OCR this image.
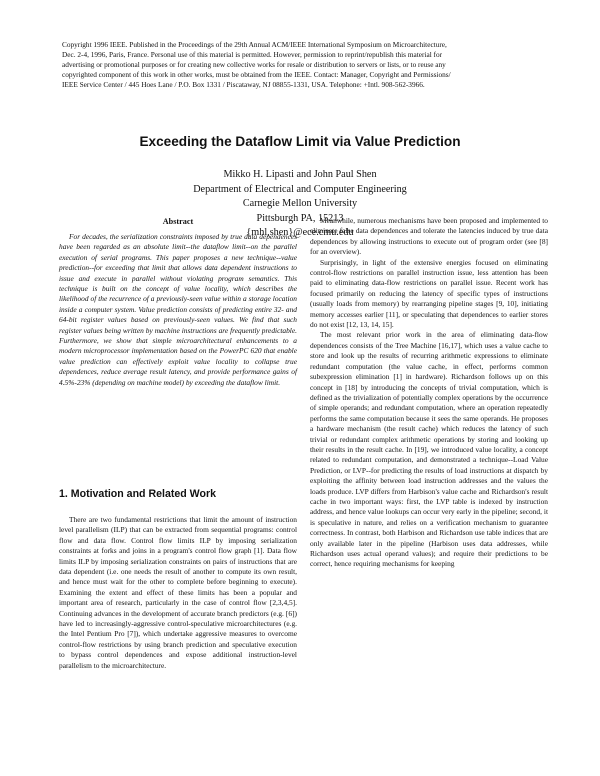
Copyright 1996 IEEE. Published in the Proceedings of the 29th Annual ACM/IEEE International Symposium on Microarchitecture,
Dec. 2-4, 1996, Paris, France. Personal use of this material is permitted. However, permission to reprint/republish this material for
advertising or promotional purposes or for creating new collective works for resale or distribution to servers or lists, or to reuse any
copyrighted component of this work in other works, must be obtained from the IEEE. Contact: Manager, Copyright and Permissions/
IEEE Service Center / 445 Hoes Lane / P.O. Box 1331 / Piscataway, NJ 08855-1331, USA. Telephone: +Intl. 908-562-3966.
Exceeding the Dataflow Limit via Value Prediction
Mikko H. Lipasti and John Paul Shen
Department of Electrical and Computer Engineering
Carnegie Mellon University
Pittsburgh PA, 15213
{mhl,shen}@ece.cmu.edu
Abstract

For decades, the serialization constraints imposed by true data dependences have been regarded as an absolute limit--the dataflow limit--on the parallel execution of serial programs. This paper proposes a new technique--value prediction--for exceeding that limit that allows data dependent instructions to issue and execute in parallel without violating program semantics. This technique is built on the concept of value locality, which describes the likelihood of the recurrence of a previously-seen value within a storage location inside a computer system. Value prediction consists of predicting entire 32- and 64-bit register values based on previously-seen values. We find that such register values being written by machine instructions are frequently predictable. Furthermore, we show that simple microarchitectural enhancements to a modern microprocessor implementation based on the PowerPC 620 that enable value prediction can effectively exploit value locality to collapse true dependences, reduce average result latency, and provide performance gains of 4.5%-23% (depending on machine model) by exceeding the dataflow limit.

1. Motivation and Related Work

There are two fundamental restrictions that limit the amount of instruction level parallelism (ILP) that can be extracted from sequential programs: control flow and data flow. Control flow limits ILP by imposing serialization constraints at forks and joins in a program's control flow graph [1]. Data flow limits ILP by imposing serialization constraints on pairs of instructions that are data dependent (i.e. one needs the result of another to compute its own result, and hence must wait for the other to complete before beginning to execute). Examining the extent and effect of these limits has been a popular and important area of research, particularly in the case of control flow [2,3,4,5]. Continuing advances in the development of accurate branch predictors (e.g. [6]) have led to increasingly-aggressive control-speculative microarchitectures (e.g. the Intel Pentium Pro [7]), which undertake aggressive measures to overcome control-flow restrictions by using branch prediction and speculative execution to bypass control dependences and expose additional instruction-level parallelism to the microarchitecture.

Meanwhile, numerous mechanisms have been proposed and implemented to eliminate false data dependences and tolerate the latencies induced by true data dependences by allowing instructions to execute out of program order (see [8] for an overview).

Surprisingly, in light of the extensive energies focused on eliminating control-flow restrictions on parallel instruction issue, less attention has been paid to eliminating data-flow restrictions on parallel issue. Recent work has focused primarily on reducing the latency of specific types of instructions (usually loads from memory) by rearranging pipeline stages [9, 10], initiating memory accesses earlier [11], or speculating that dependences to earlier stores do not exist [12, 13, 14, 15].

The most relevant prior work in the area of eliminating data-flow dependences consists of the Tree Machine [16,17], which uses a value cache to store and look up the results of recurring arithmetic expressions to eliminate redundant computation (the value cache, in effect, performs common subexpression elimination [1] in hardware). Richardson follows up on this concept in [18] by introducing the concepts of trivial computation, which is defined as the trivialization of potentially complex operations by the occurrence of simple operands; and redundant computation, where an operation repeatedly performs the same computation because it sees the same operands. He proposes a hardware mechanism (the result cache) which reduces the latency of such trivial or redundant complex arithmetic operations by storing and looking up their results in the result cache. In [19], we introduced value locality, a concept related to redundant computation, and demonstrated a technique--Load Value Prediction, or LVP--for predicting the results of load instructions at dispatch by exploiting the affinity between load instruction addresses and the values the loads produce. LVP differs from Harbison's value cache and Richardson's result cache in two important ways: first, the LVP table is indexed by instruction address, and hence value lookups can occur very early in the pipeline; second, it is speculative in nature, and relies on a verification mechanism to guarantee correctness. In contrast, both Harbison and Richardson use table indices that are only available later in the pipeline (Harbison uses data addresses, while Richardson uses actual operand values); and require their predictions to be correct, hence requiring mechanisms for keeping
